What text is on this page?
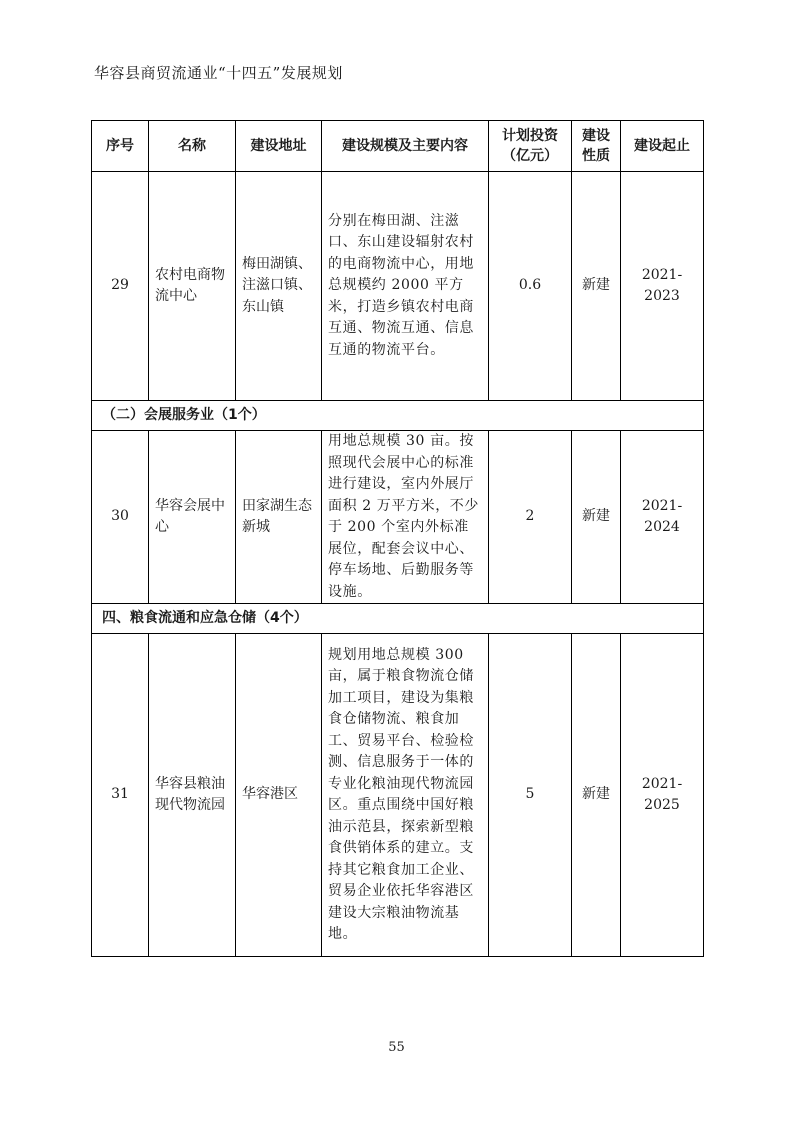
华容县商贸流通业“十四五”发展规划
序号	名称	建设地址	建设规模及主要内容	计划投资（亿元）	建设性质	建设起止
29	农村电商物流中心	梅田湖镇、注滋口镇、东山镇	分别在梅田湖、注滋口、东山建设辐射农村的电商物流中心，用地总规模约 2000 平方米，打造乡镇农村电商互通、物流互通、信息互通的物流平台。	0.6	新建	2021-2023
（二）会展服务业（1个）						
30	华容会展中心	田家湖生态新城	用地总规模 30 亩。按照现代会展中心的标准进行建设，室内外展厅面积 2 万平方米，不少于 200 个室内外标准展位，配套会议中心、停车场地、后勤服务等设施。	2	新建	2021-2024
四、粮食流通和应急仓储（4个）						
31	华容县粮油现代物流园	华容港区	规划用地总规模 300 亩，属于粮食物流仓储加工项目，建设为集粮食仓储物流、粮食加工、贸易平台、检验检测、信息服务于一体的专业化粮油现代物流园区。重点围绕中国好粮油示范县，探索新型粮食供销体系的建立。支持其它粮食加工企业、贸易企业依托华容港区建设大宗粮油物流基地。	5	新建	2021-2025
55
